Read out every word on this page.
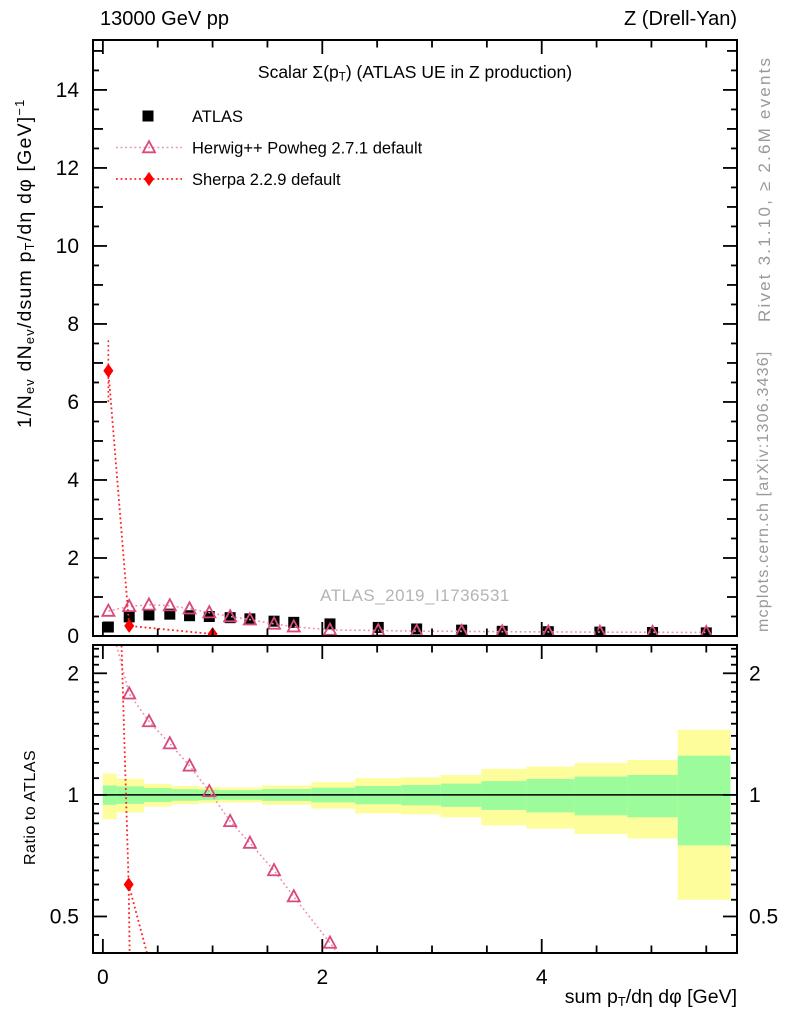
13000 GeV pp	Z (Drell-Yan)
0
2
4
6
8
10
12
14
0.5	0.5
1	1
2	2
0	2	4
ATLAS
Herwig++ Powheg 2.7.1 default
Sherpa 2.2.9 default
Scalar Σ(pT) (ATLAS UE in Z production)
ATLAS_2019_I1736531
sum pT/dη dφ [GeV]
1/Nev dNev/dsum pT/dη dφ [GeV]$^{-1}$
Ratio to ATLAS
Rivet 3.1.10, ≥ 2.6M events
mcplots.cern.ch [arXiv:1306.3436]
